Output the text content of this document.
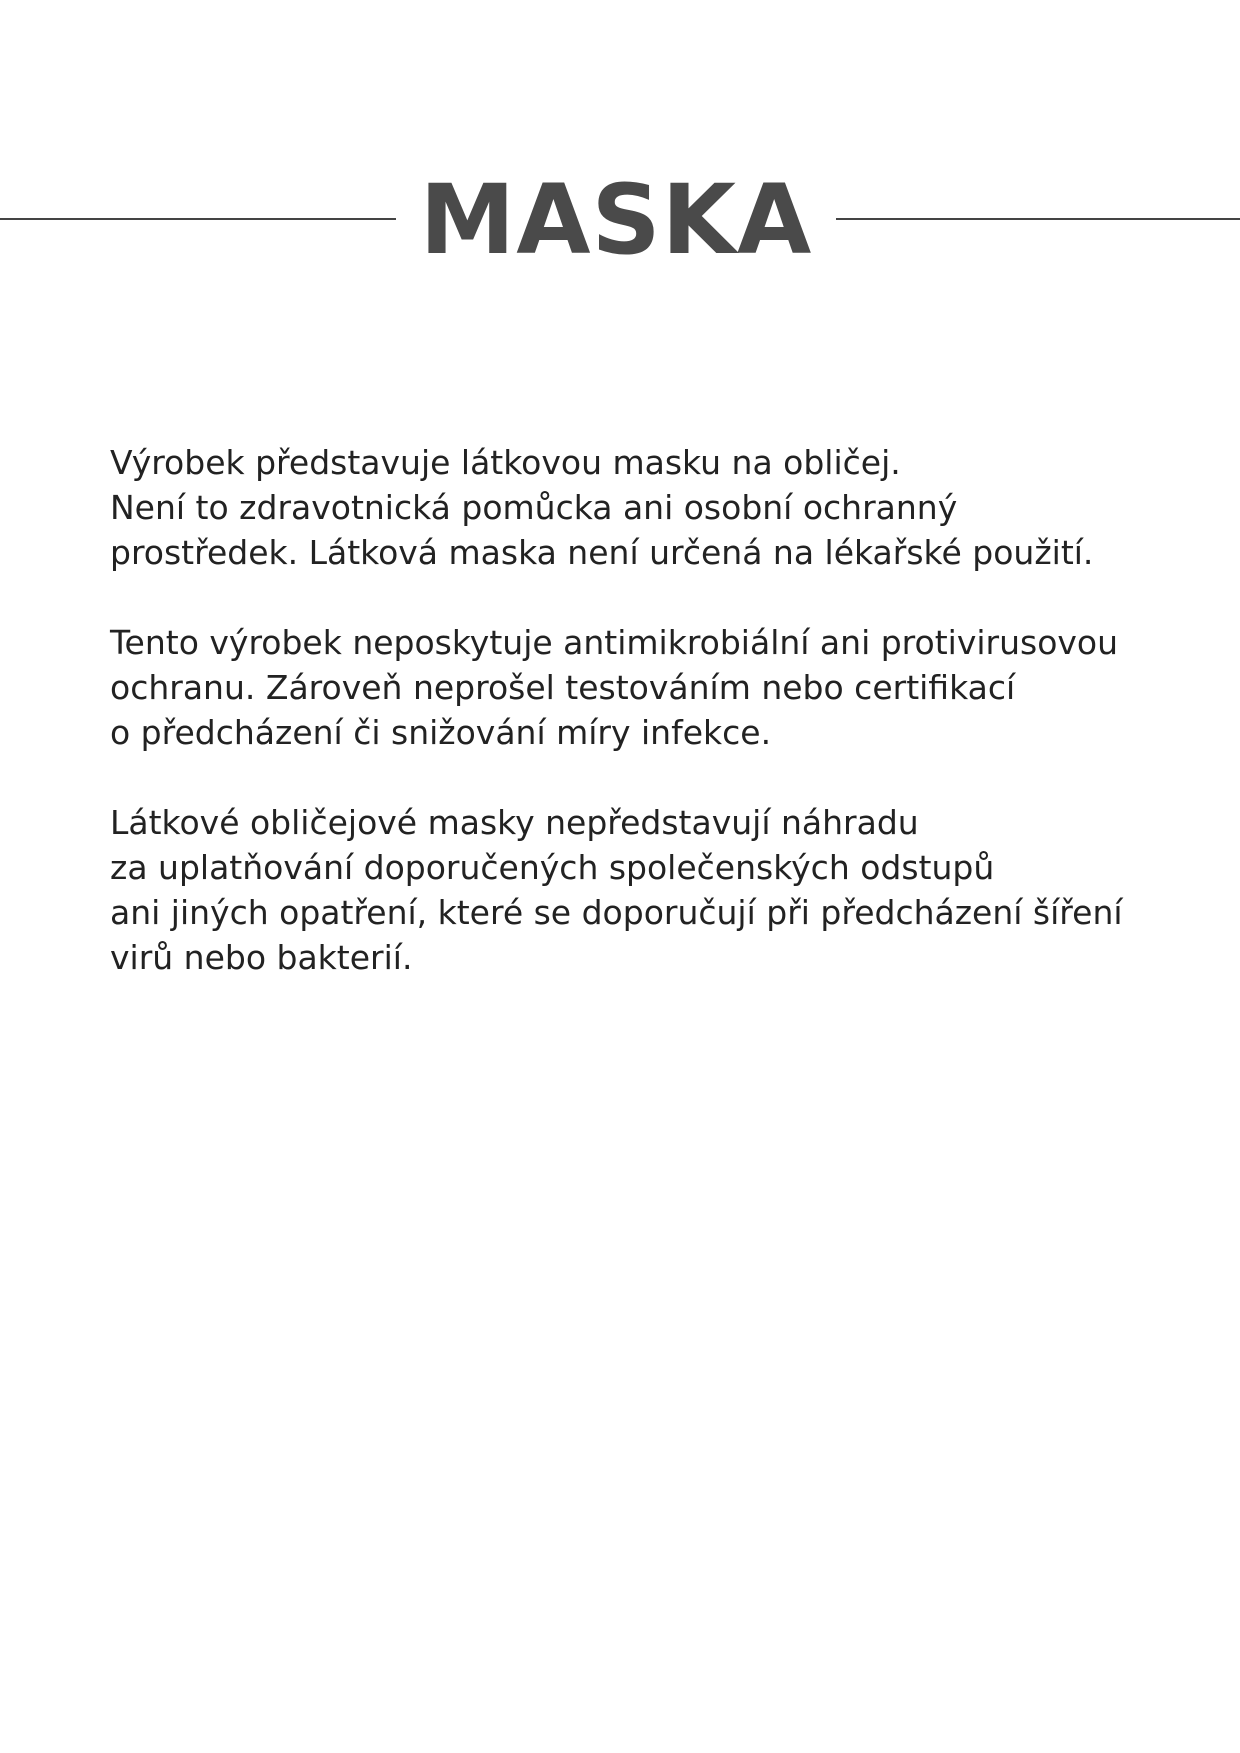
MASKA

Výrobek představuje látkovou masku na obličej.
Není to zdravotnická pomůcka ani osobní ochranný
prostředek. Látková maska není určená na lékařské použití.

Tento výrobek neposkytuje antimikrobiální ani protivirusovou
ochranu. Zároveň neprošel testováním nebo certifikací
o předcházení či snižování míry infekce.

Látkové obličejové masky nepředstavují náhradu
za uplatňování doporučených společenských odstupů
ani jiných opatření, které se doporučují při předcházení šíření
virů nebo bakterií.
